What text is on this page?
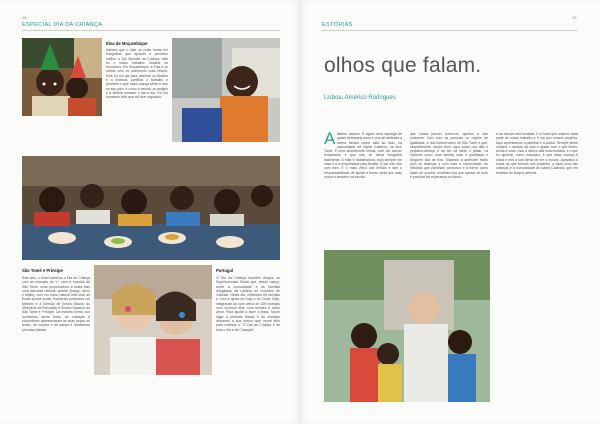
18
ESPECIAL DIA DA CRIANÇA
Elsa de Moçambique
Sabiam que o líder se pode tornar em fotografias que ajudam a perceber melhor o Dia Mundial da Criança, este foi o nosso trabalho: mostrar os encontros. Em Moçambique, a Elsa e os outros com os momentos mais felizes. Este foi um dia para celebrar os direitos e a infância, partilhar o trabalho e perceber o que cada criança sente e vive no seu país, e como a escola, os amigos e a família marcam o dia a dia. Foi um momento feliz que vai ficar registado.
São Tomé e Príncipe
Este ano, o Hotel celebrou o Dia da Criança com as crianças do 1.º ciclo e escolas de São Tomé, onde proporcionou a todas elas uma deliciosa refeição quente (frango, arroz e feijão), com um sumo natural feito com as frutas típicas locais. Estiveram presentes um Ministro e a Direção de Ensino Básico do Ministério da Educação e Ensino Superior de São Tomé e Príncipe. Da mesma forma, nos momentos desta festa, as crianças e educadores apresentaram as suas peças de teatro, de música e de dança e receberam prendas infantis.
Portugal
O Dia da Criança também chegou ao Supermercado Social que, desde março, serve a comunidade e as famílias refugiadas da Ucrânia no concelho de Cascais. Nesta dia, estiveram 65 famílias e, com a ajuda da Galp e do Clube Galp, integraram-se com cerca de 200 crianças num convívio feliz, com brindes e muito amor. Para ajudar a fazer a festa, houve lugar a pinturas faciais e às crianças deixaram a sua marca num mural feito para celebrar o "O Dia da Criança é de todo o dia e de Crianças".
19
ESTÓRIAS
olhos que falam.
Lisboa, Américo Rodrigues
Alfabeto nasceu. É agora uma rapariga de quase dezasseis anos e vive ali centrada a minha família numa sala ao lado, na comunidade de Santa Catarina, na ilha, Tomé. E uma adolescente tímida, com um sorriso encantador e que não se deixa fotografar facilmente. A mãe é trabalhadora, está sempre em casa e é a responsável pela família. O pai não vive com eles. É o mais velho dos irmãos e tem a responsabilidade de ajudar a tomar conta dos mais novos e também na escola.
que nunca pensei conhecer, ajudam a não conhecer. Vivo com as pessoas no regime de igualdade, e nós somos todos de São Tomé e que, simplesmente, assim bem. Aqui todos nos dão o pequeno-almoço e ao fim da tarde o jantar. Lá vivemos como uma família, tudo é partilhado e ninguém fica de fora. Estamos a aprender muito com as crianças e com toda a comunidade. As histórias que partilham connosco e a forma como falam de sonhos, mostram-nos que apesar de tudo é possível ter esperança no futuro.
e na escola está fundada. E a horta que criamos fazia parte do nosso trabalho e é um dos nossos projetos. Aqui aprendemos a partilhar e a cuidar. Sempre tentei mostrar o sentido da vida e ajudar com o que tenho. Ainda é cedo, mas a minha vida está mudada, e o que eu aprendi, como educador, é que cada criança é única e tem a sua forma de ver o mundo. Agradeço a todos os que tornam isto possível, a cada uma das crianças e à comunidade de Santa Catarina, que me recebeu de braços abertos.
